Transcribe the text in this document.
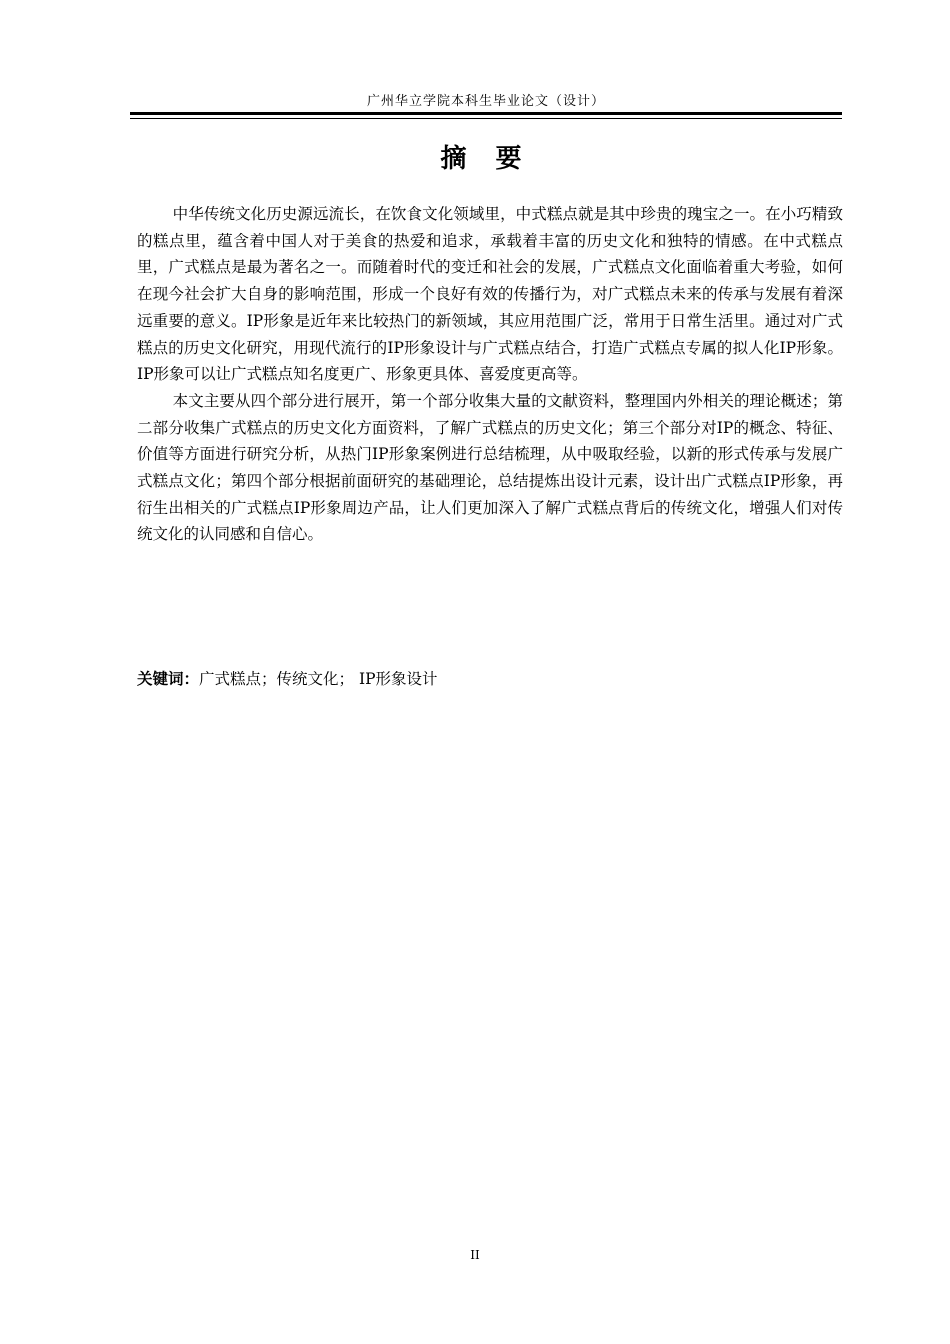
广州华立学院本科生毕业论文（设计）
摘 要

中华传统文化历史源远流长，在饮食文化领域里，中式糕点就是其中珍贵的瑰宝之一。在小巧精致的糕点里，蕴含着中国人对于美食的热爱和追求，承载着丰富的历史文化和独特的情感。在中式糕点里，广式糕点是最为著名之一。而随着时代的变迁和社会的发展，广式糕点文化面临着重大考验，如何在现今社会扩大自身的影响范围，形成一个良好有效的传播行为，对广式糕点未来的传承与发展有着深远重要的意义。IP形象是近年来比较热门的新领域，其应用范围广泛，常用于日常生活里。通过对广式糕点的历史文化研究，用现代流行的IP形象设计与广式糕点结合，打造广式糕点专属的拟人化IP形象。IP形象可以让广式糕点知名度更广、形象更具体、喜爱度更高等。

本文主要从四个部分进行展开，第一个部分收集大量的文献资料，整理国内外相关的理论概述；第二部分收集广式糕点的历史文化方面资料，了解广式糕点的历史文化；第三个部分对IP的概念、特征、价值等方面进行研究分析，从热门IP形象案例进行总结梳理，从中吸取经验，以新的形式传承与发展广式糕点文化；第四个部分根据前面研究的基础理论，总结提炼出设计元素，设计出广式糕点IP形象，再衍生出相关的广式糕点IP形象周边产品，让人们更加深入了解广式糕点背后的传统文化，增强人们对传统文化的认同感和自信心。

关键词：广式糕点；传统文化； IP形象设计
II
